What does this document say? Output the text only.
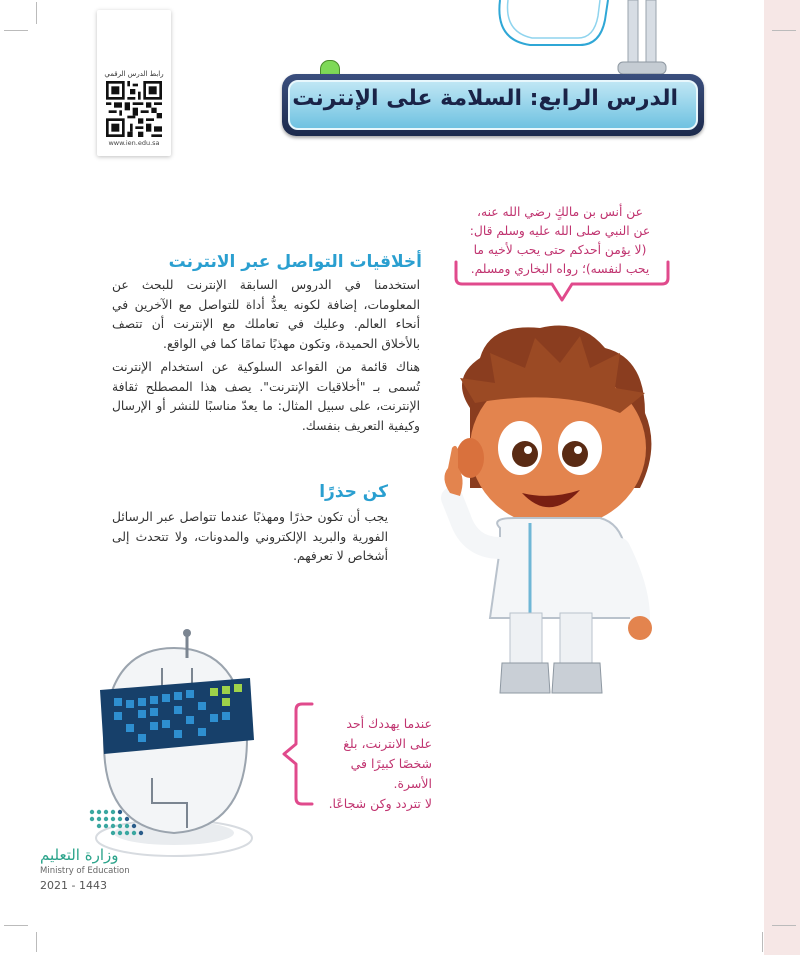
رابط الدرس الرقمي
www.ien.edu.sa
الدرس الرابع: السلامة على الإنترنت
عن أنس بن مالكٍ رضي الله عنه،
عن النبي صلى الله عليه وسلم قال:
(لا يؤمن أحدكم حتى يحب لأخيه ما
يحب لنفسه)؛ رواه البخاري ومسلم.
أخلاقيات التواصل عبر الانترنت

استخدمنا في الدروس السابقة الإنترنت للبحث عن المعلومات، إضافة لكونه يعدُّ أداة للتواصل مع الآخرين في أنحاء العالم. وعليك في تعاملك مع الإنترنت أن تتصف بالأخلاق الحميدة، وتكون مهذبًا تمامًا كما في الواقع.

هناك قائمة من القواعد السلوكية عن استخدام الإنترنت تُسمى بـ "أخلاقيات الإنترنت". يصف هذا المصطلح ثقافة الإنترنت، على سبيل المثال: ما يعدّ مناسبًا للنشر أو الإرسال وكيفية التعريف بنفسك.

كن حذرًا
يجب أن تكون حذرًا ومهذبًا عندما تتواصل عبر الرسائل الفورية والبريد الإلكتروني والمدونات، ولا تتحدث إلى أشخاص لا تعرفهم.
عندما يهددك أحد
على الانترنت، بلغ
شخصًا كبيرًا في الأسرة.
لا تتردد وكن شجاعًا.
وزارة التعليم
Ministry of Education
2021 - 1443
